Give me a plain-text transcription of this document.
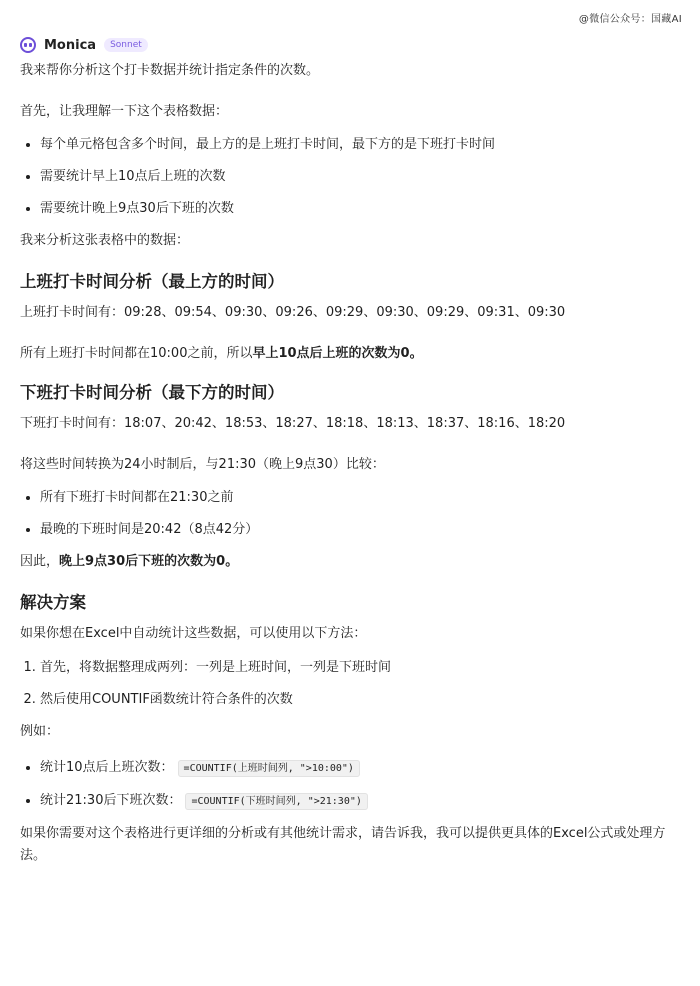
@微信公众号：国藏AI
Monica	Sonnet

我来帮你分析这个打卡数据并统计指定条件的次数。

首先，让我理解一下这个表格数据：

• 每个单元格包含多个时间，最上方的是上班打卡时间，最下方的是下班打卡时间
• 需要统计早上10点后上班的次数
• 需要统计晚上9点30后下班的次数

我来分析这张表格中的数据：

上班打卡时间分析（最上方的时间）

上班打卡时间有：09:28、09:54、09:30、09:26、09:29、09:30、09:29、09:31、09:30

所有上班打卡时间都在10:00之前，所以早上10点后上班的次数为0。

下班打卡时间分析（最下方的时间）

下班打卡时间有：18:07、20:42、18:53、18:27、18:18、18:13、18:37、18:16、18:20

将这些时间转换为24小时制后，与21:30（晚上9点30）比较：

• 所有下班打卡时间都在21:30之前
• 最晚的下班时间是20:42（8点42分）

因此，晚上9点30后下班的次数为0。

解决方案

如果你想在Excel中自动统计这些数据，可以使用以下方法：

1. 首先，将数据整理成两列：一列是上班时间，一列是下班时间
2. 然后使用COUNTIF函数统计符合条件的次数

例如：

• 统计10点后上班次数： =COUNTIF(上班时间列, ">10:00")
• 统计21:30后下班次数： =COUNTIF(下班时间列, ">21:30")

如果你需要对这个表格进行更详细的分析或有其他统计需求，请告诉我，我可以提供更具体的Excel公式或处理方法。
